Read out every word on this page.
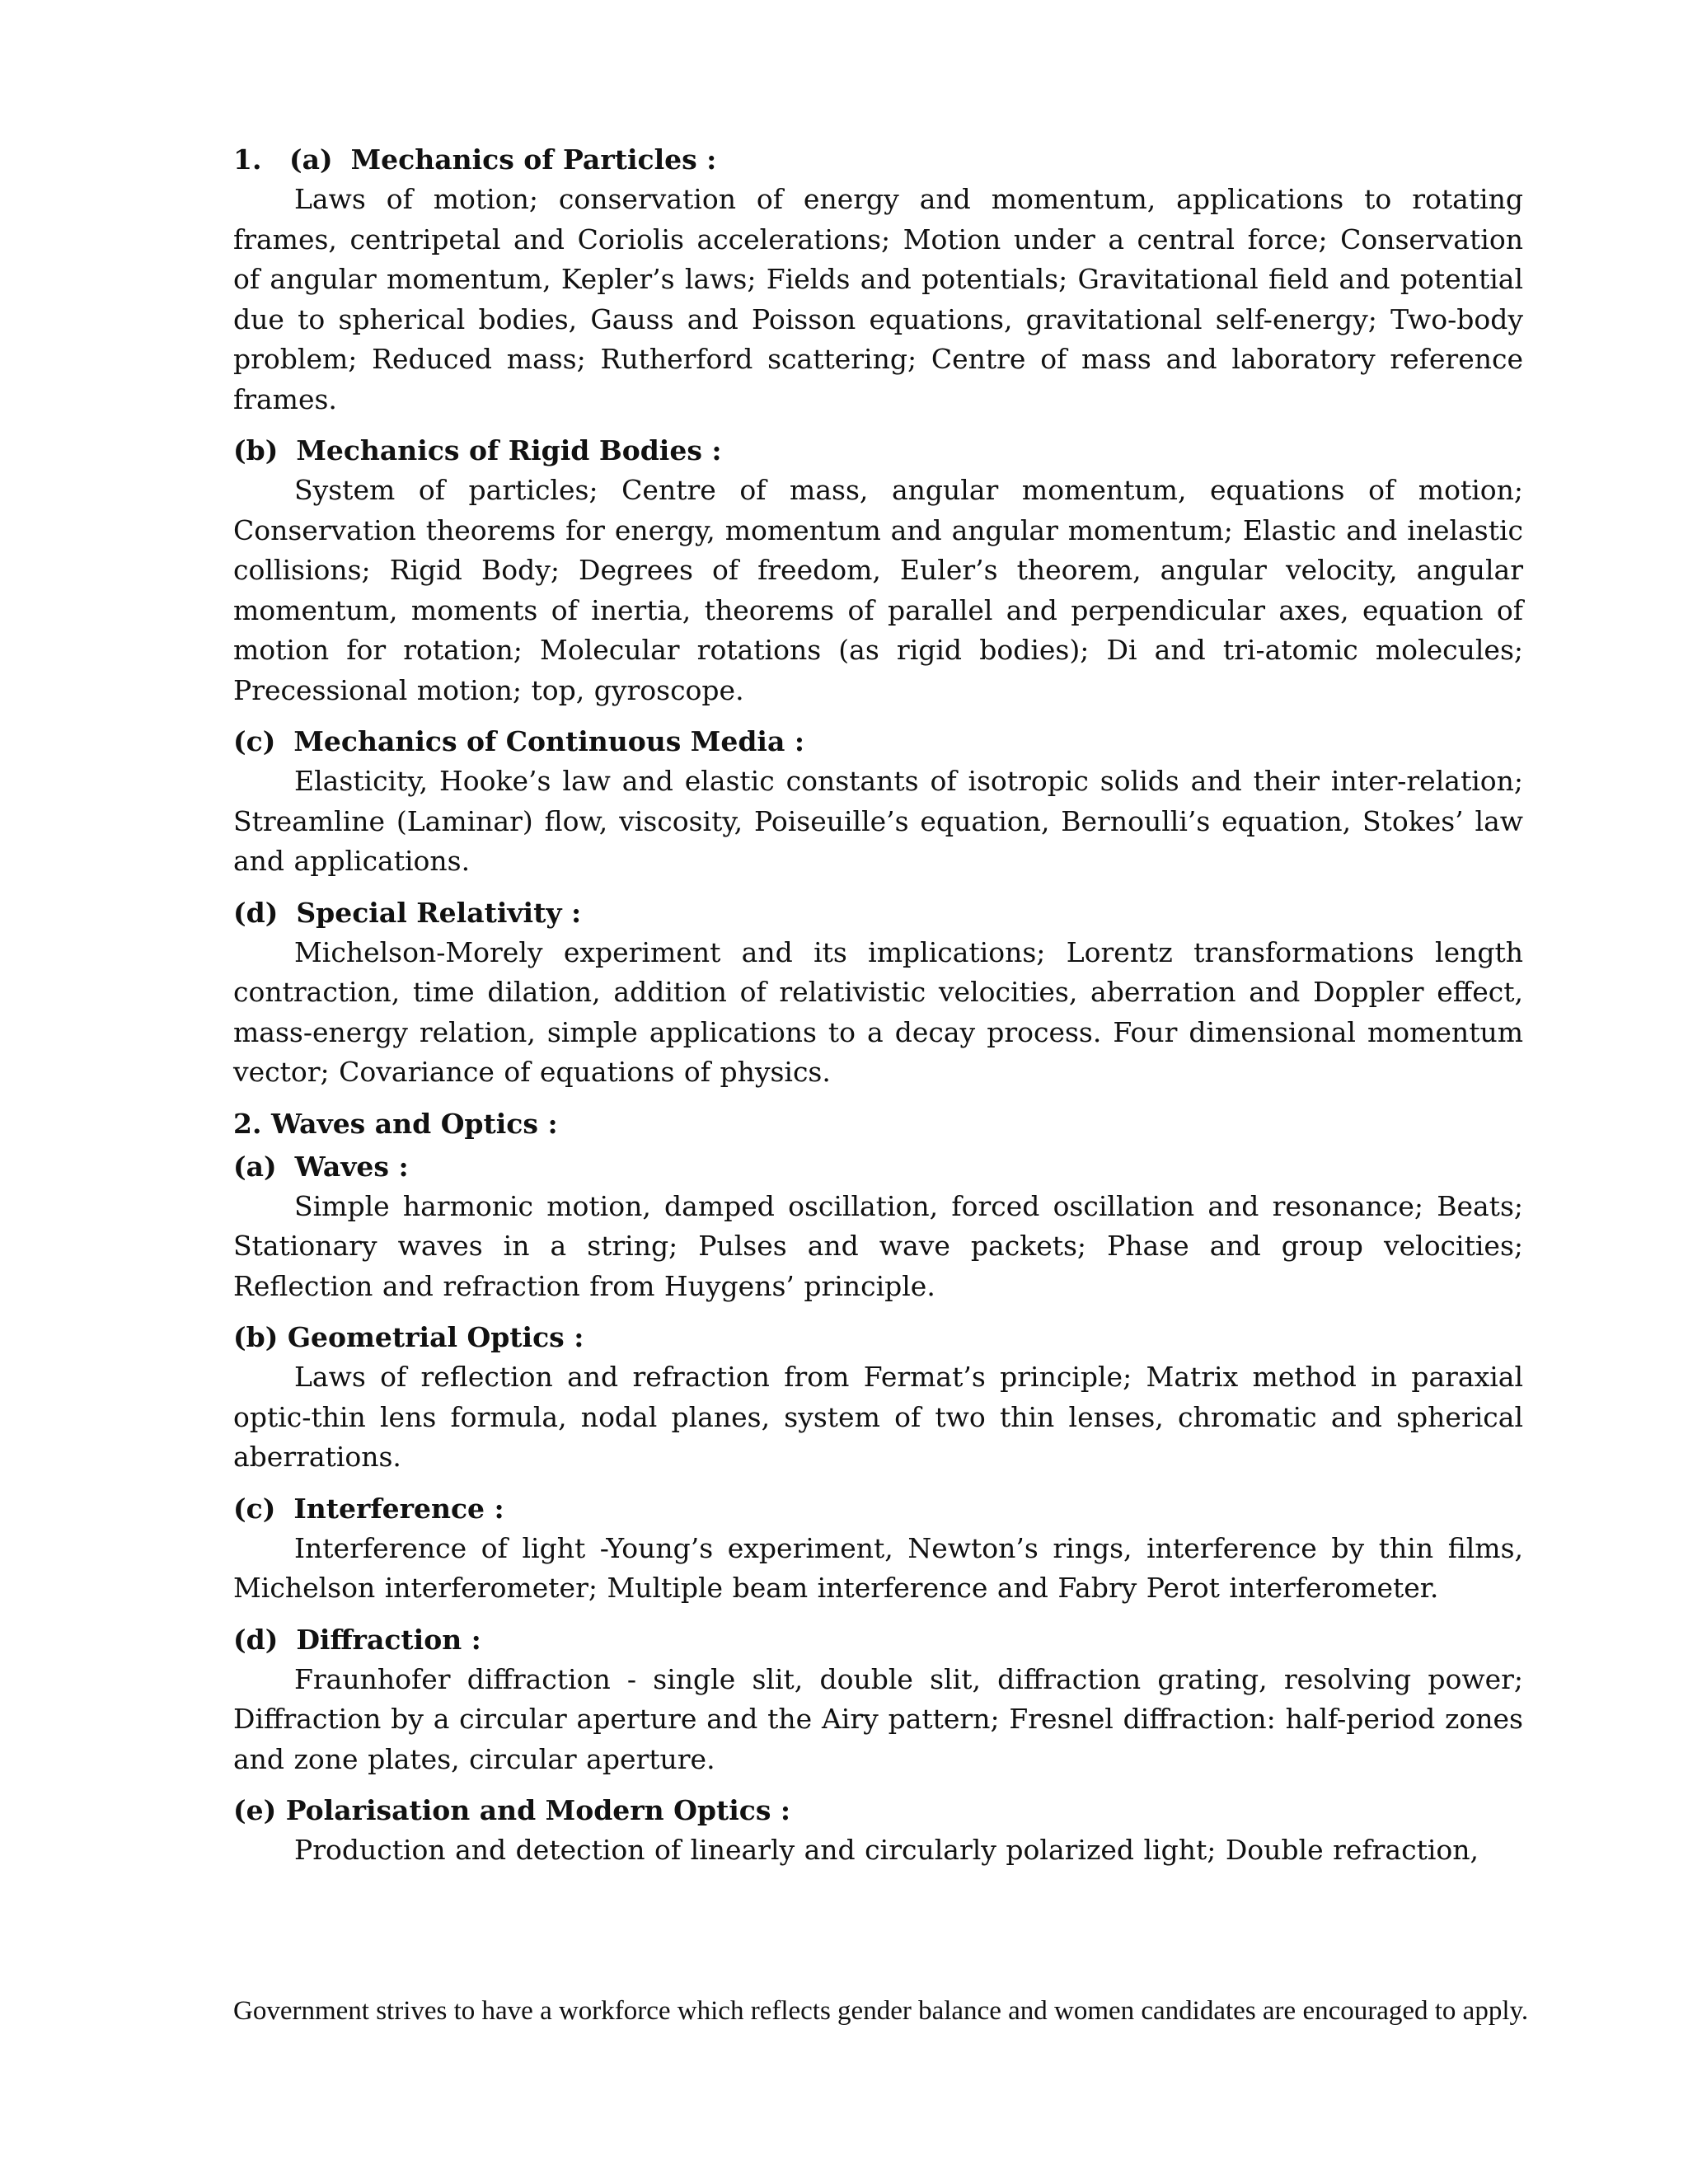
1. (a) Mechanics of Particles :

Laws of motion; conservation of energy and momentum, applications to rotating frames, centripetal and Coriolis accelerations; Motion under a central force; Conservation of angular momentum, Kepler’s laws; Fields and potentials; Gravitational field and potential due to spherical bodies, Gauss and Poisson equations, gravitational self-energy; Two-body problem; Reduced mass; Rutherford scattering; Centre of mass and laboratory reference frames.

(b) Mechanics of Rigid Bodies :

System of particles; Centre of mass, angular momentum, equations of motion; Conservation theorems for energy, momentum and angular momentum; Elastic and inelastic collisions; Rigid Body; Degrees of freedom, Euler’s theorem, angular velocity, angular momentum, moments of inertia, theorems of parallel and perpendicular axes, equation of motion for rotation; Molecular rotations (as rigid bodies); Di and tri-atomic molecules; Precessional motion; top, gyroscope.

(c) Mechanics of Continuous Media :

Elasticity, Hooke’s law and elastic constants of isotropic solids and their inter-relation; Streamline (Laminar) flow, viscosity, Poiseuille’s equation, Bernoulli’s equation, Stokes’ law and applications.

(d) Special Relativity :

Michelson-Morely experiment and its implications; Lorentz transformations length contraction, time dilation, addition of relativistic velocities, aberration and Doppler effect, mass-energy relation, simple applications to a decay process. Four dimensional momentum vector; Covariance of equations of physics.

2. Waves and Optics :

(a) Waves :

Simple harmonic motion, damped oscillation, forced oscillation and resonance; Beats; Stationary waves in a string; Pulses and wave packets; Phase and group velocities; Reflection and refraction from Huygens’ principle.

(b) Geometrial Optics :

Laws of reflection and refraction from Fermat’s principle; Matrix method in paraxial optic-thin lens formula, nodal planes, system of two thin lenses, chromatic and spherical aberrations.

(c) Interference :

Interference of light -Young’s experiment, Newton’s rings, interference by thin films, Michelson interferometer; Multiple beam interference and Fabry Perot interferometer.

(d) Diffraction :

Fraunhofer diffraction - single slit, double slit, diffraction grating, resolving power; Diffraction by a circular aperture and the Airy pattern; Fresnel diffraction: half-period zones and zone plates, circular aperture.

(e) Polarisation and Modern Optics :

Production and detection of linearly and circularly polarized light; Double refraction,

Government strives to have a workforce which reflects gender balance and women candidates are encouraged to apply.
